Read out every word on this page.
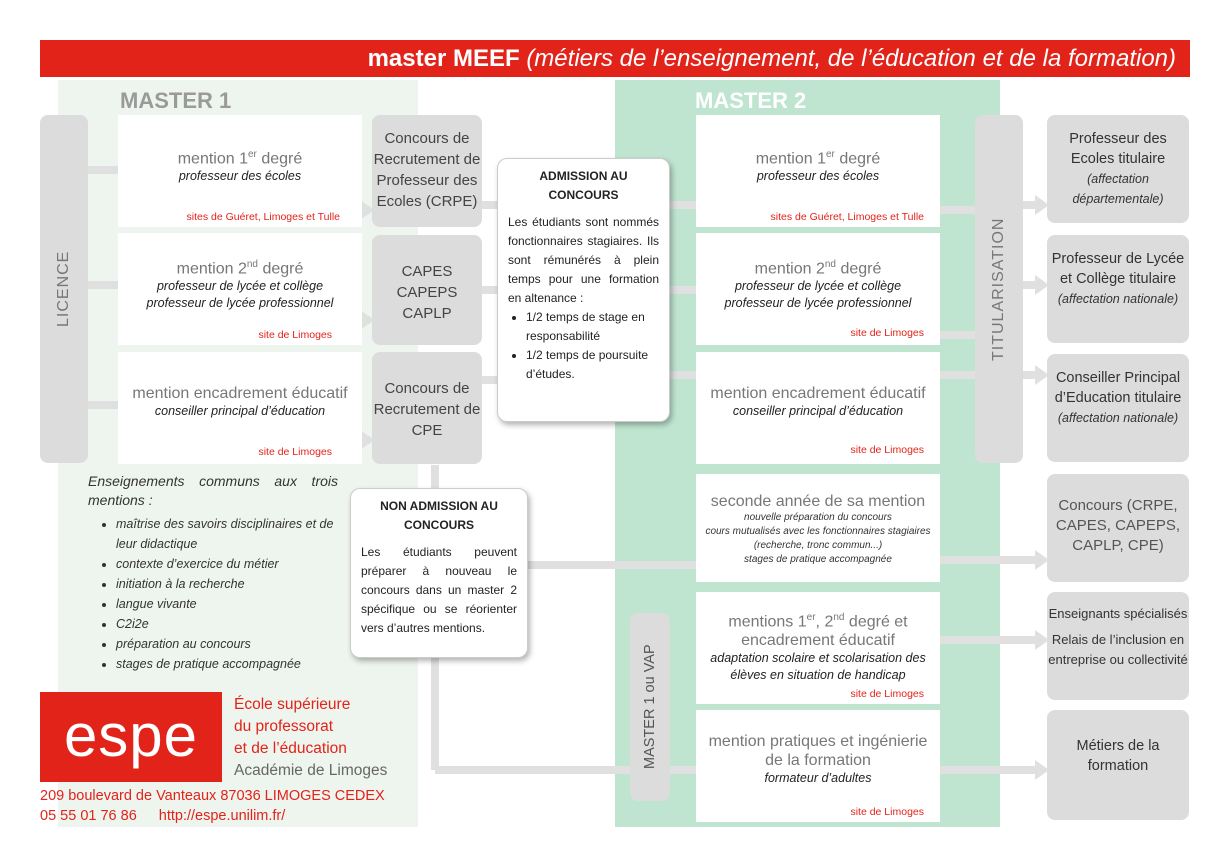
master MEEF (métiers de l’enseignement, de l’éducation et de la formation)
MASTER 1	MASTER 2
LICENCE
mention 1er degré
professeur des écoles
sites de Guéret, Limoges et Tulle
mention 2nd degré
professeur de lycée et collège
professeur de lycée professionnel
site de Limoges
mention encadrement éducatif
conseiller principal d’éducation
site de Limoges
Concours de Recrutement de Professeur des Ecoles (CRPE)
CAPES
CAPEPS
CAPLP
Concours de Recrutement de CPE
ADMISSION AU CONCOURS
Les étudiants sont nommés fonctionnaires stagiaires. Ils sont rémunérés à plein temps pour une formation en altenance :
• 1/2 temps de stage en responsabilité
• 1/2 temps de poursuite d’études.
NON ADMISSION AU CONCOURS
Les étudiants peuvent préparer à nouveau le concours dans un master 2 spécifique ou se réorienter vers d’autres mentions.
Enseignements communs aux trois mentions :
• maîtrise des savoirs disciplinaires et de leur didactique
• contexte d’exercice du métier
• initiation à la recherche
• langue vivante
• C2i2e
• préparation au concours
• stages de pratique accompagnée
espe	École supérieure
du professorat
et de l’éducation
Académie de Limoges
209 boulevard de Vanteaux 87036 LIMOGES CEDEX
05 55 01 76 86 http://espe.unilim.fr/
mention 1er degré
professeur des écoles
sites de Guéret, Limoges et Tulle
mention 2nd degré
professeur de lycée et collège
professeur de lycée professionnel
site de Limoges
mention encadrement éducatif
conseiller principal d’éducation
site de Limoges
seconde année de sa mention
nouvelle préparation du concours
cours mutualisés avec les fonctionnaires stagiaires
(recherche, tronc commun...)
stages de pratique accompagnée
mentions 1er, 2nd degré et
encadrement éducatif
adaptation scolaire et scolarisation des élèves en situation de handicap
site de Limoges
mention pratiques et ingénierie de la formation
formateur d’adultes
site de Limoges
MASTER 1 ou VAP
TITULARISATION
Professeur des Ecoles titulaire
(affectation départementale)
Professeur de Lycée et Collège titulaire
(affectation nationale)
Conseiller Principal d’Education titulaire
(affectation nationale)
Concours (CRPE, CAPES, CAPEPS, CAPLP, CPE)
Enseignants spécialisés
Relais de l’inclusion en entreprise ou collectivité
Métiers de la formation
